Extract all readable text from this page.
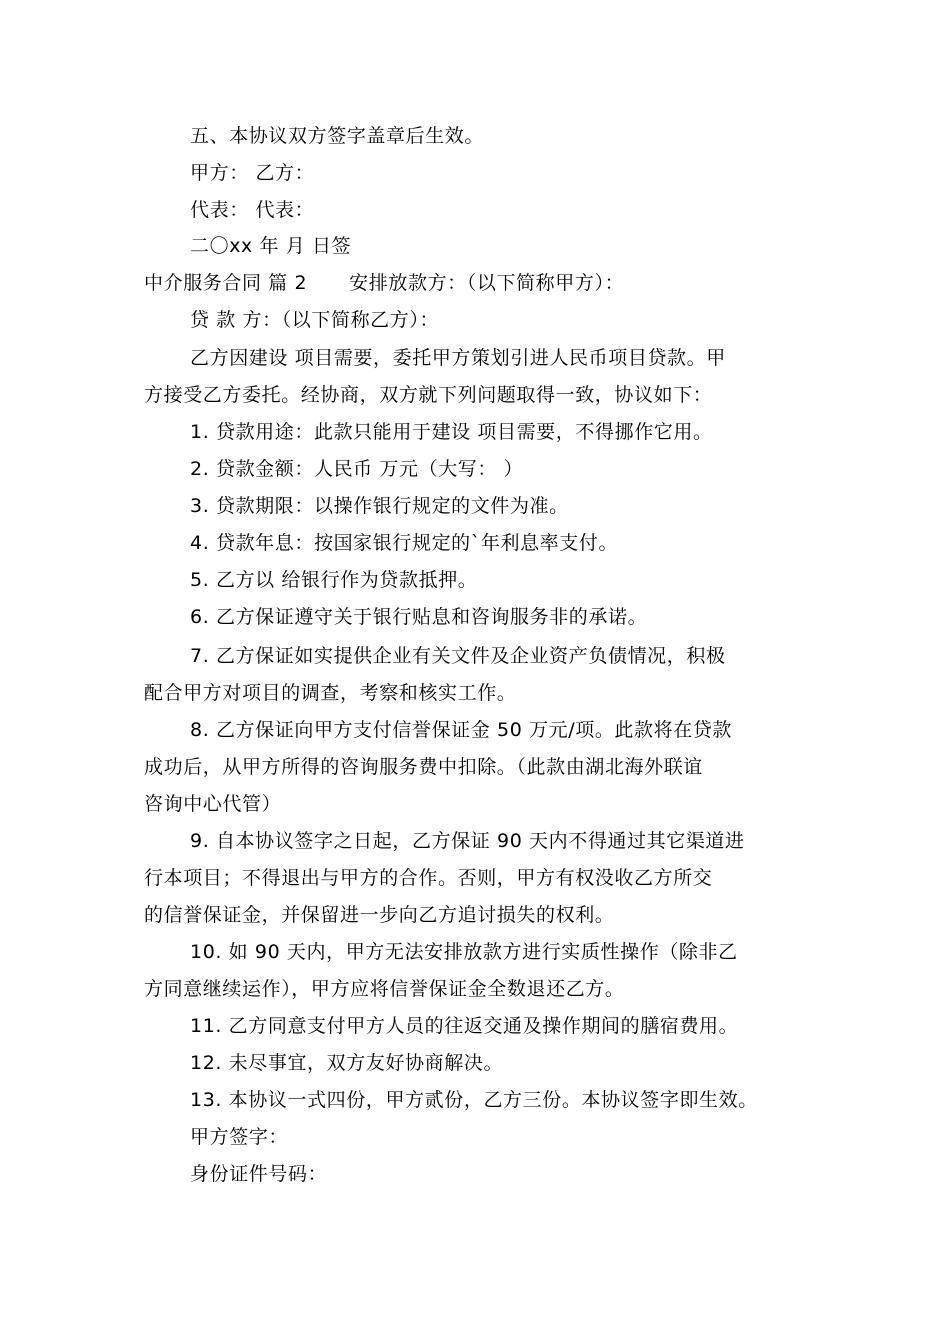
五、本协议双方签字盖章后生效。
甲方： 乙方：
代表： 代表：
二〇xx 年 月 日签
中介服务合同 篇 2 安排放款方：（以下简称甲方）：
贷 款 方：（以下简称乙方）：
乙方因建设 项目需要，委托甲方策划引进人民币项目贷款。甲
方接受乙方委托。经协商，双方就下列问题取得一致，协议如下：
1. 贷款用途：此款只能用于建设 项目需要，不得挪作它用。
2. 贷款金额：人民币 万元（大写： ）
3. 贷款期限：以操作银行规定的文件为准。
4. 贷款年息：按国家银行规定的`年利息率支付。
5. 乙方以 给银行作为贷款抵押。
6. 乙方保证遵守关于银行贴息和咨询服务非的承诺。
7. 乙方保证如实提供企业有关文件及企业资产负债情况，积极
配合甲方对项目的调查，考察和核实工作。
8. 乙方保证向甲方支付信誉保证金 50 万元/项。此款将在贷款
成功后，从甲方所得的咨询服务费中扣除。（此款由湖北海外联谊
咨询中心代管）
9. 自本协议签字之日起，乙方保证 90 天内不得通过其它渠道进
行本项目；不得退出与甲方的合作。否则，甲方有权没收乙方所交
的信誉保证金，并保留进一步向乙方追讨损失的权利。
10. 如 90 天内，甲方无法安排放款方进行实质性操作（除非乙
方同意继续运作），甲方应将信誉保证金全数退还乙方。
11. 乙方同意支付甲方人员的往返交通及操作期间的膳宿费用。
12. 未尽事宜，双方友好协商解决。
13. 本协议一式四份，甲方贰份，乙方三份。本协议签字即生效。
甲方签字：
身份证件号码：
